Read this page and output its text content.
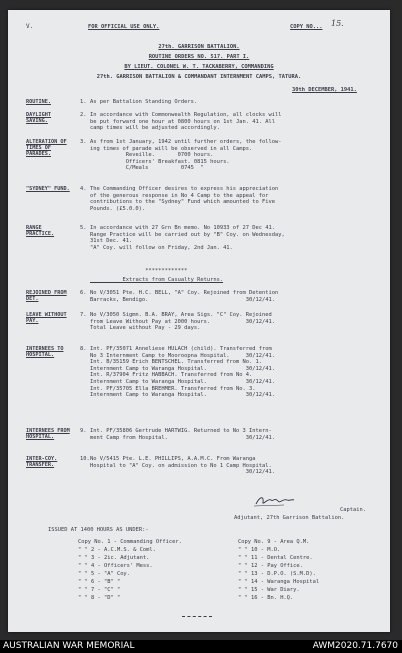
V.	FOR OFFICIAL USE ONLY.	COPY NO... 15.
27th. GARRISON BATTALION.
ROUTINE ORDERS NO. 517. PART I.
BY LIEUT. COLONEL W. T. TACKABERRY, COMMANDING
27th. GARRISON BATTALION & COMMANDANT INTERNMENT CAMPS, TATURA.
30th DECEMBER, 1941.
ROUTINE.	1. As per Battalion Standing Orders.
DAYLIGHT SAVING.
2. In accordance with Commonwealth Regulation, all clocks will
be put forward one hour at 0800 hours on 1st Jan. 41. All
camp times will be adjusted accordingly.
ALTERATION OF TIMES OF PARADES.
3. As from 1st January, 1942 until further orders, the follow-
ing times of parade will be observed in all Camps.
Reveille.       0700 hours.
Officers' Breakfast. 0815 hours.
C/Meals          0745  "
"SYDNEY" FUND. 4. The Commanding Officer desires to express his appreciation
of the generous response in No 4 Camp to the appeal for
contributions to the "Sydney" Fund which amounted to Five
Pounds. (£5.0.0).
RANGE PRACTICE.
5. In accordance with 27 Grn Bn memo. No 10933 of 27 Dec 41.
Range Practice will be carried out by "B" Coy. on Wednesday,
31st Dec. 41.
"A" Coy. will follow on Friday, 2nd Jan. 41.
*************
Extracts from Casualty Returns.
REJOINED FROM DET.
6. No V/3051 Pte. H.C. BELL, "A" Coy. Rejoined from Detention
Barracks, Bendigo.                              30/12/41.
LEAVE WITHOUT PAY.
7. No V/3050 Sigmn. B.A. BRAY, Area Sigs. "C" Coy. Rejoined
from Leave Without Pay at 2000 hours.           30/12/41.
Total Leave without Pay - 29 days.
INTERNEES TO HOSPITAL.
8. Int. PF/35071 Anneliese HULACH (child). Transferred from
No 3 Internment Camp to Mooroopna Hospital.     30/12/41.
Int. B/35159 Erich BENTSCHEL. Transferred from No. 1.
Internment Camp to Waranga Hospital.            30/12/41.
Int. R/37904 Fritz HABBACH. Transferred from No 4.
Internment Camp to Waranga Hospital.            30/12/41.
Int. PF/35705 Ella BREHMER. Transferred from No. 3.
Internment Camp to Waranga Hospital.            30/12/41.
INTERNEES FROM HOSPITAL.
9. Int. PF/35806 Gertrude HARTWIG. Returned to No 3 Intern-
ment Camp from Hospital.                        30/12/41.
INTER-COY. TRANSFER.
10. No V/5415 Pte. L.E. PHILLIPS, A.A.M.C. From Waranga
Hospital to "A" Coy. on admission to No 1 Camp Hospital.
30/12/41.
Captain.
Adjutant, 27th Garrison Battalion.
ISSUED AT 1400 HOURS AS UNDER:-
Copy No. 1 - Commanding Officer.
" " 2 - A.C.M.S. & Coml.
" " 3 - 2ic. Adjutant.
" " 4 - Officers' Mess.
" " 5 - "A" Coy.
" " 6 - "B" "
" " 7 - "C" "
" " 8 - "D" "
Copy No. 9 - Area Q.M.
" " 10 - M.O.
" " 11 - Dental Centre.
" " 12 - Pay Office.
" " 13 - D.P.O. (S.M.D).
" " 14 - Waranga Hospital
" " 15 - War Diary.
" " 16 - Bn. H.Q.
AUSTRALIAN WAR MEMORIAL	AWM2020.71.7670
